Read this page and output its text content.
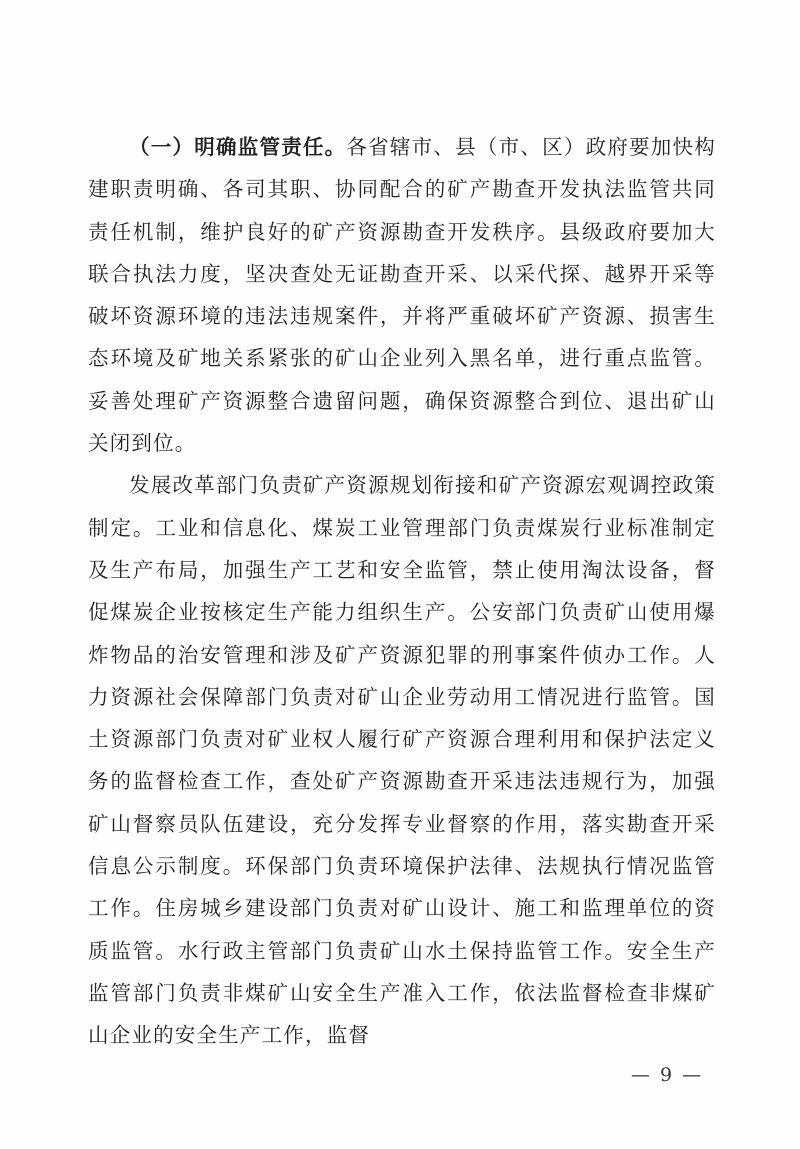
（一）明确监管责任。各省辖市、县（市、区）政府要加快构建职责明确、各司其职、协同配合的矿产勘查开发执法监管共同责任机制，维护良好的矿产资源勘查开发秩序。县级政府要加大联合执法力度，坚决查处无证勘查开采、以采代探、越界开采等破坏资源环境的违法违规案件，并将严重破坏矿产资源、损害生态环境及矿地关系紧张的矿山企业列入黑名单，进行重点监管。妥善处理矿产资源整合遗留问题，确保资源整合到位、退出矿山关闭到位。

发展改革部门负责矿产资源规划衔接和矿产资源宏观调控政策制定。工业和信息化、煤炭工业管理部门负责煤炭行业标准制定及生产布局，加强生产工艺和安全监管，禁止使用淘汰设备，督促煤炭企业按核定生产能力组织生产。公安部门负责矿山使用爆炸物品的治安管理和涉及矿产资源犯罪的刑事案件侦办工作。人力资源社会保障部门负责对矿山企业劳动用工情况进行监管。国土资源部门负责对矿业权人履行矿产资源合理利用和保护法定义务的监督检查工作，查处矿产资源勘查开采违法违规行为，加强矿山督察员队伍建设，充分发挥专业督察的作用，落实勘查开采信息公示制度。环保部门负责环境保护法律、法规执行情况监管工作。住房城乡建设部门负责对矿山设计、施工和监理单位的资质监管。水行政主管部门负责矿山水土保持监管工作。安全生产监管部门负责非煤矿山安全生产准入工作，依法监督检查非煤矿山企业的安全生产工作，监督

— 9 —
